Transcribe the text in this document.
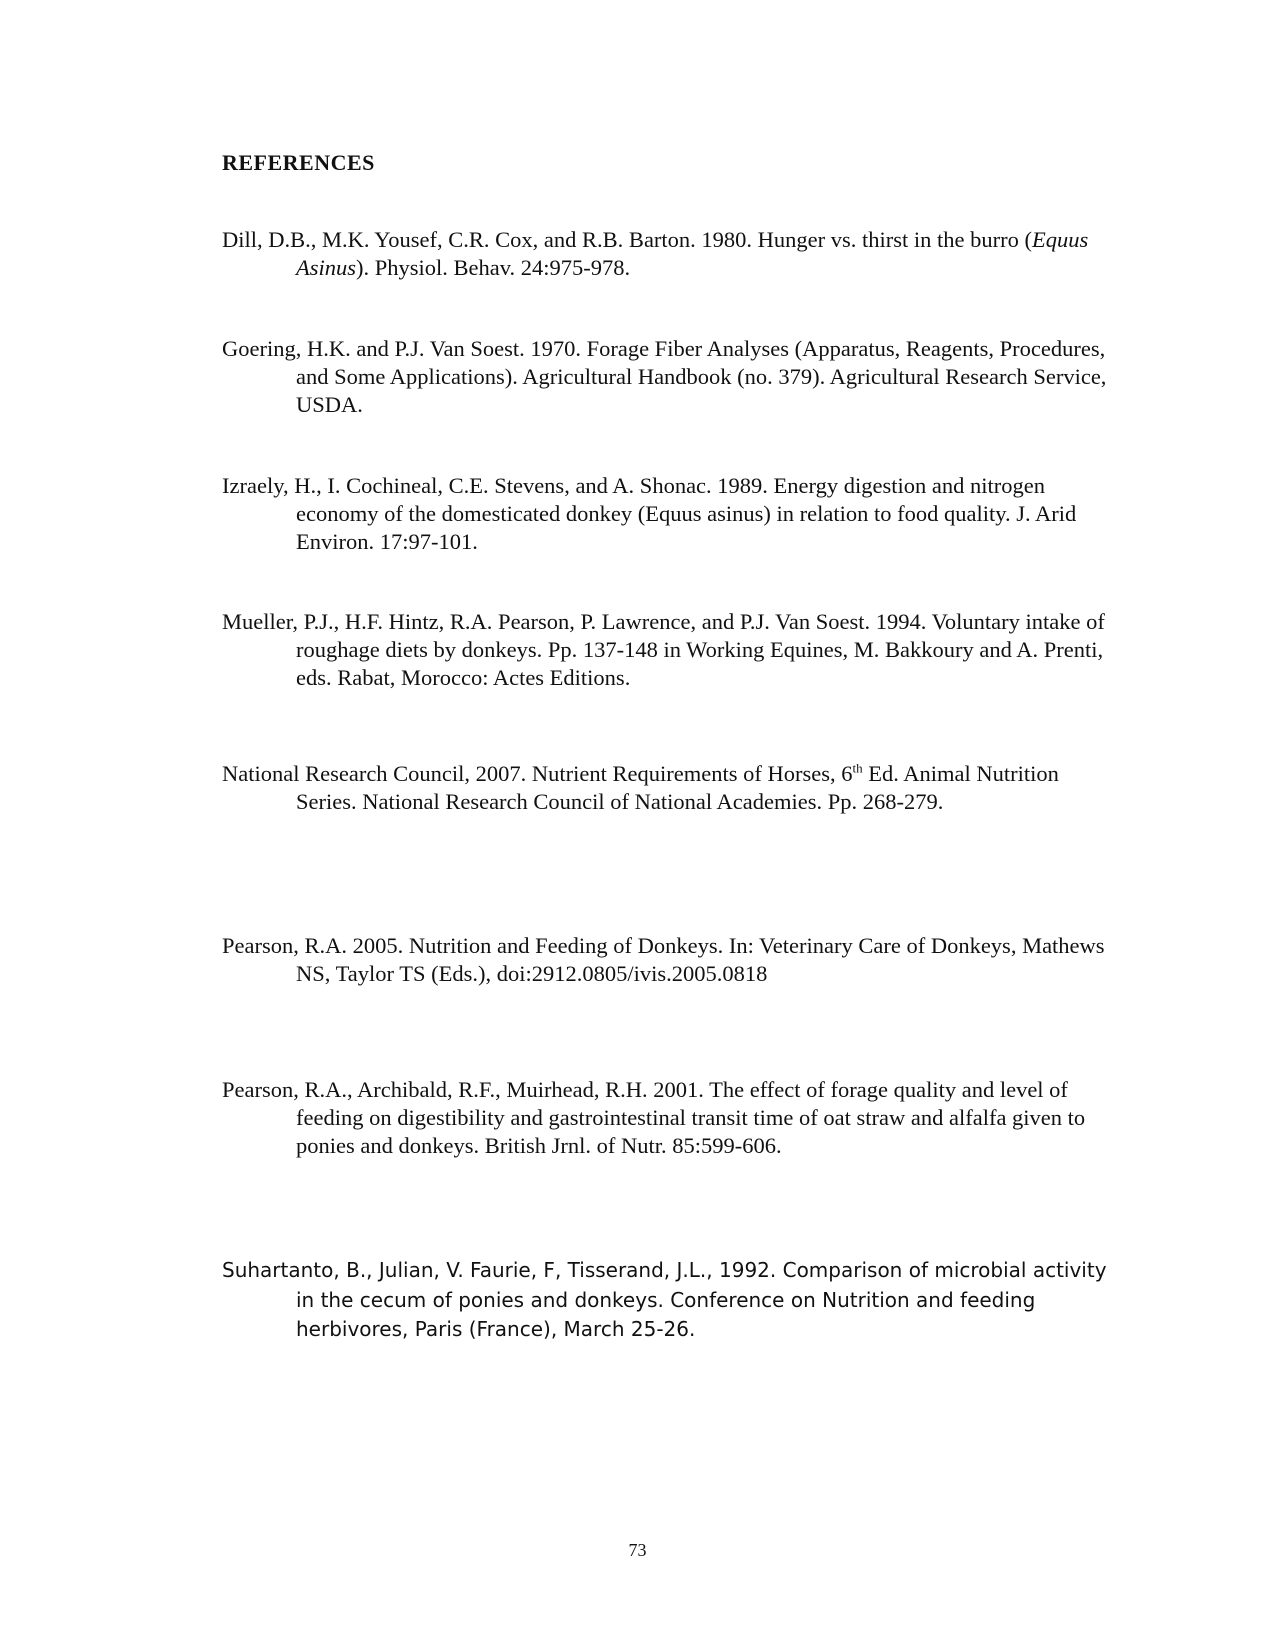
REFERENCES
Dill, D.B., M.K. Yousef, C.R. Cox, and R.B. Barton. 1980. Hunger vs. thirst in the burro (Equus Asinus). Physiol. Behav. 24:975-978.
Goering, H.K. and P.J. Van Soest. 1970. Forage Fiber Analyses (Apparatus, Reagents, Procedures, and Some Applications). Agricultural Handbook (no. 379). Agricultural Research Service, USDA.
Izraely, H., I. Cochineal, C.E. Stevens, and A. Shonac. 1989. Energy digestion and nitrogen economy of the domesticated donkey (Equus asinus) in relation to food quality. J. Arid Environ. 17:97-101.
Mueller, P.J., H.F. Hintz, R.A. Pearson, P. Lawrence, and P.J. Van Soest. 1994. Voluntary intake of roughage diets by donkeys. Pp. 137-148 in Working Equines, M. Bakkoury and A. Prenti, eds. Rabat, Morocco: Actes Editions.
National Research Council, 2007. Nutrient Requirements of Horses, 6th Ed. Animal Nutrition Series. National Research Council of National Academies. Pp. 268-279.
Pearson, R.A. 2005. Nutrition and Feeding of Donkeys. In: Veterinary Care of Donkeys, Mathews NS, Taylor TS (Eds.), doi:2912.0805/ivis.2005.0818
Pearson, R.A., Archibald, R.F., Muirhead, R.H. 2001. The effect of forage quality and level of feeding on digestibility and gastrointestinal transit time of oat straw and alfalfa given to ponies and donkeys. British Jrnl. of Nutr. 85:599-606.
Suhartanto, B., Julian, V. Faurie, F, Tisserand, J.L., 1992. Comparison of microbial activity in the cecum of ponies and donkeys. Conference on Nutrition and feeding herbivores, Paris (France), March 25-26.
73
